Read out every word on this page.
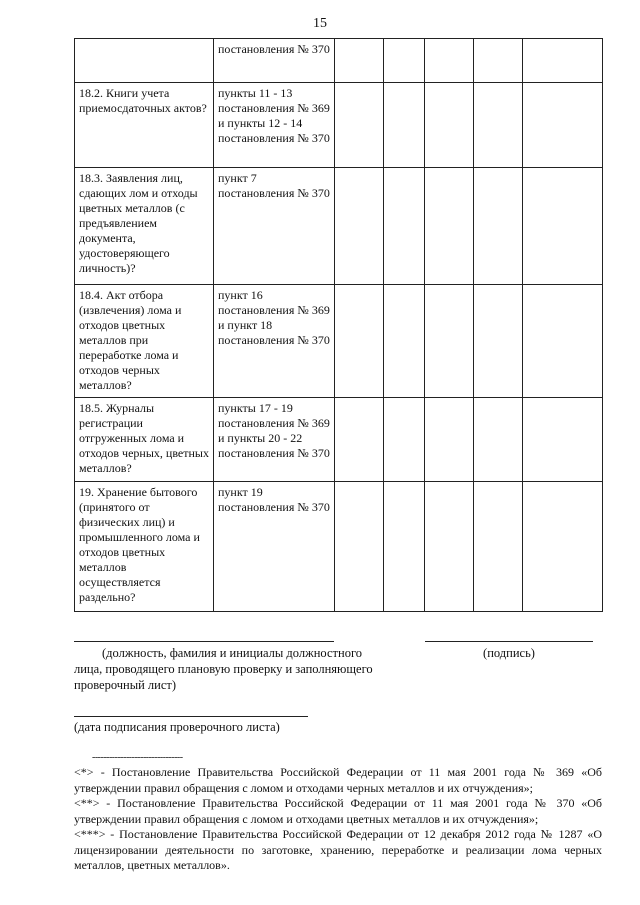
15
	постановления № 370					
18.2. Книги учета приемосдаточных актов?	пункты 11 - 13 постановления № 369 и пункты 12 - 14 постановления № 370					
18.3. Заявления лиц, сдающих лом и отходы цветных металлов (с предъявлением документа, удостоверяющего личность)?	пункт 7 постановления № 370					
18.4. Акт отбора (извлечения) лома и отходов цветных металлов при переработке лома и отходов черных металлов?	пункт 16 постановления № 369 и пункт 18 постановления № 370					
18.5. Журналы регистрации отгруженных лома и отходов черных, цветных металлов?	пункты 17 - 19 постановления № 369 и пункты 20 - 22 постановления № 370					
19. Хранение бытового (принятого от физических лиц) и промышленного лома и отходов цветных металлов осуществляется раздельно?	пункт 19 постановления № 370					
(должность, фамилия и инициалы должностного лица, проводящего плановую проверку и заполняющего проверочный лист)
(подпись)
(дата подписания проверочного листа)
--------------------------------

<*> - Постановление Правительства Российской Федерации от 11 мая 2001 года № 369 «Об утверждении правил обращения с ломом и отходами черных металлов и их отчуждения»;

<**> - Постановление Правительства Российской Федерации от 11 мая 2001 года № 370 «Об утверждении правил обращения с ломом и отходами цветных металлов и их отчуждения»;

<***> - Постановление Правительства Российской Федерации от 12 декабря 2012 года № 1287 «О лицензировании деятельности по заготовке, хранению, переработке и реализации лома черных металлов, цветных металлов».
